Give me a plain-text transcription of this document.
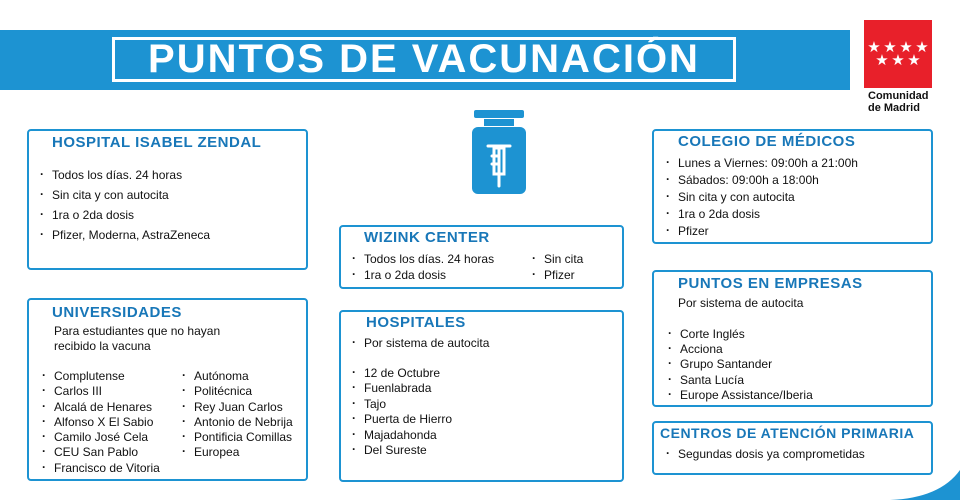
PUNTOS DE VACUNACIÓN	★ ★ ★ ★
★ ★ ★
Comunidad
de Madrid
HOSPITAL ISABEL ZENDAL
· Todos los días. 24 horas
· Sin cita y con autocita
· 1ra o 2da dosis
· Pfizer, Moderna, AstraZeneca
UNIVERSIDADES
Para estudiantes que no hayan
recibido la vacuna
· Complutense
· Carlos III
· Alcalá de Henares
· Alfonso X El Sabio
· Camilo José Cela
· CEU San Pablo
· Francisco de Vitoria
· Autónoma
· Politécnica
· Rey Juan Carlos
· Antonio de Nebrija
· Pontificia Comillas
· Europea
WIZINK CENTER
· Todos los días. 24 horas
· 1ra o 2da dosis
· Sin cita
· Pfizer
HOSPITALES
· Por sistema de autocita
· 12 de Octubre
· Fuenlabrada
· Tajo
· Puerta de Hierro
· Majadahonda
· Del Sureste
COLEGIO DE MÉDICOS
· Lunes a Viernes: 09:00h a 21:00h
· Sábados: 09:00h a 18:00h
· Sin cita y con autocita
· 1ra o 2da dosis
· Pfizer
PUNTOS EN EMPRESAS
Por sistema de autocita
· Corte Inglés
· Acciona
· Grupo Santander
· Santa Lucía
· Europe Assistance/Iberia
CENTROS DE ATENCIÓN PRIMARIA
· Segundas dosis ya comprometidas
